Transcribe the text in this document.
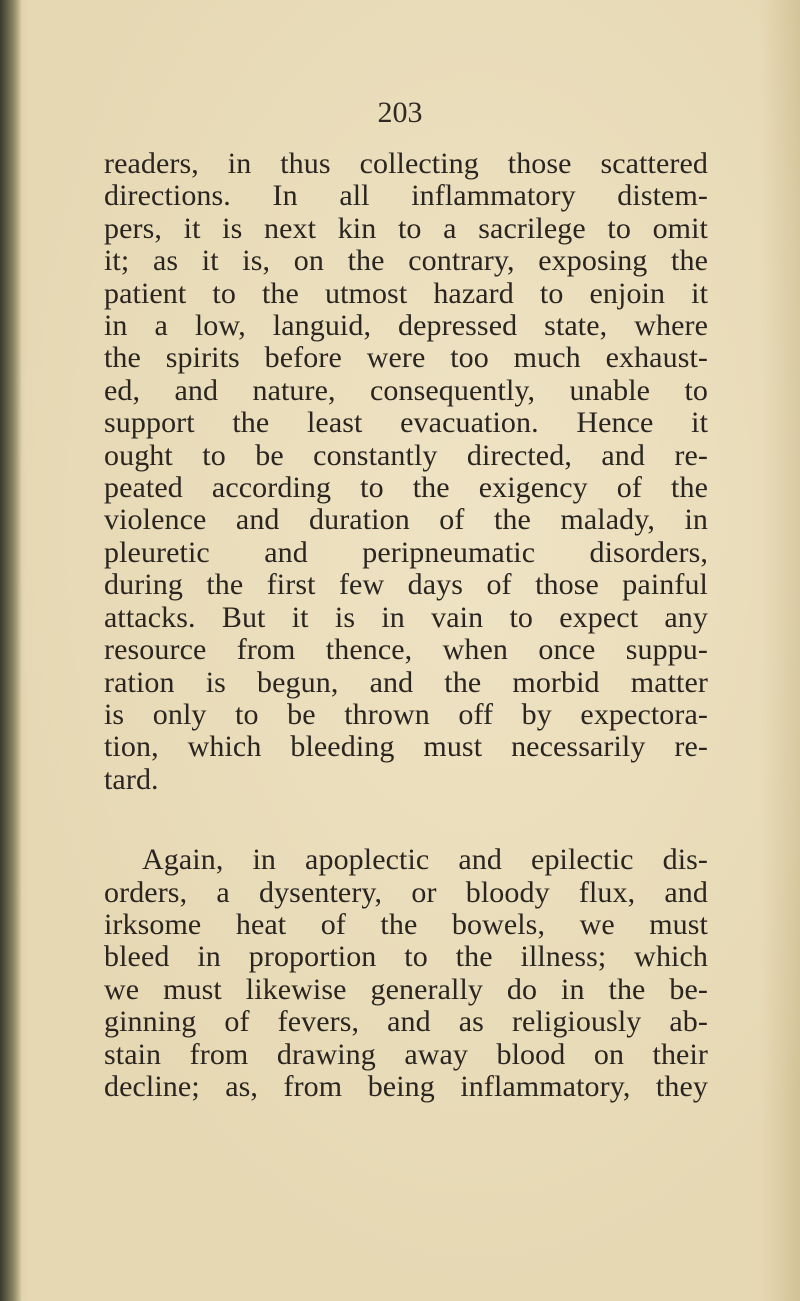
203
readers, in thus collecting those scattered
directions. In all inflammatory distem-
pers, it is next kin to a sacrilege to omit
it; as it is, on the contrary, exposing the
patient to the utmost hazard to enjoin it
in a low, languid, depressed state, where
the spirits before were too much exhaust-
ed, and nature, consequently, unable to
support the least evacuation. Hence it
ought to be constantly directed, and re-
peated according to the exigency of the
violence and duration of the malady, in
pleuretic and peripneumatic disorders,
during the first few days of those painful
attacks. But it is in vain to expect any
resource from thence, when once suppu-
ration is begun, and the morbid matter
is only to be thrown off by expectora-
tion, which bleeding must necessarily re-
tard.
Again, in apoplectic and epilectic dis-
orders, a dysentery, or bloody flux, and
irksome heat of the bowels, we must
bleed in proportion to the illness; which
we must likewise generally do in the be-
ginning of fevers, and as religiously ab-
stain from drawing away blood on their
decline; as, from being inflammatory, they
